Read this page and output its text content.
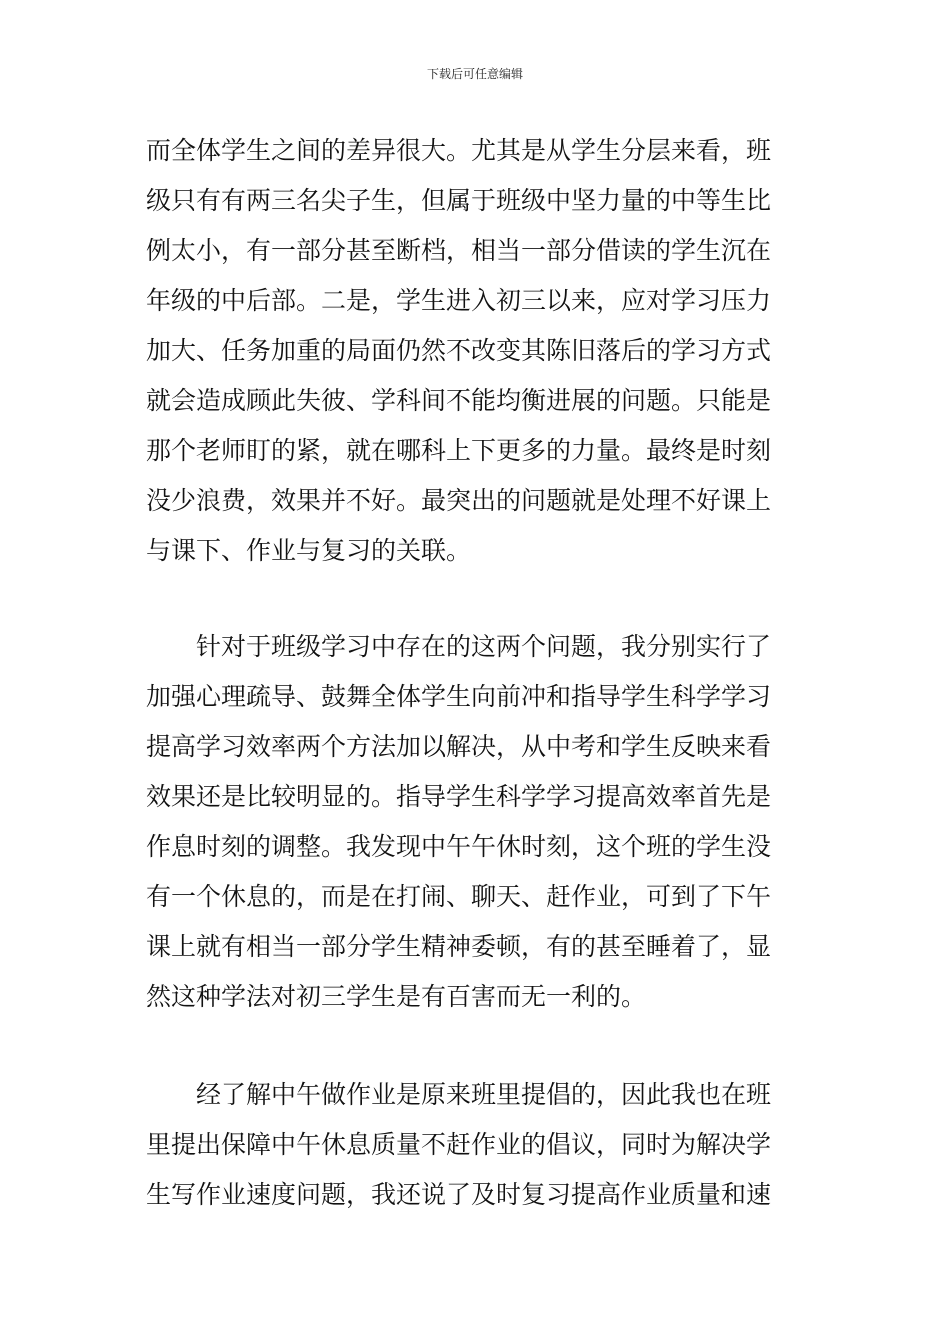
下载后可任意编辑
而全体学生之间的差异很大。尤其是从学生分层来看，班
级只有有两三名尖子生，但属于班级中坚力量的中等生比
例太小，有一部分甚至断档，相当一部分借读的学生沉在
年级的中后部。二是，学生进入初三以来，应对学习压力
加大、任务加重的局面仍然不改变其陈旧落后的学习方式
就会造成顾此失彼、学科间不能均衡进展的问题。只能是
那个老师盯的紧，就在哪科上下更多的力量。最终是时刻
没少浪费，效果并不好。最突出的问题就是处理不好课上
与课下、作业与复习的关联。
　　针对于班级学习中存在的这两个问题，我分别实行了
加强心理疏导、鼓舞全体学生向前冲和指导学生科学学习
提高学习效率两个方法加以解决，从中考和学生反映来看
效果还是比较明显的。指导学生科学学习提高效率首先是
作息时刻的调整。我发现中午午休时刻，这个班的学生没
有一个休息的，而是在打闹、聊天、赶作业，可到了下午
课上就有相当一部分学生精神委顿，有的甚至睡着了，显
然这种学法对初三学生是有百害而无一利的。
　　经了解中午做作业是原来班里提倡的，因此我也在班
里提出保障中午休息质量不赶作业的倡议，同时为解决学
生写作业速度问题，我还说了及时复习提高作业质量和速
